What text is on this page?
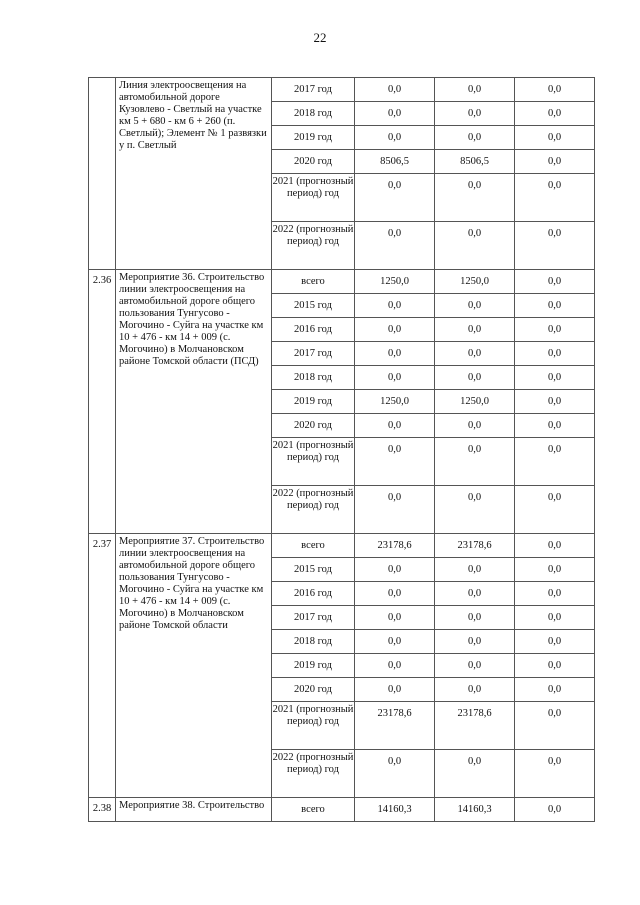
22
	Линия электроосвещения на автомобильной дороге Кузовлево - Светлый на участке км 5 + 680 - км 6 + 260 (п. Светлый); Элемент № 1 развязки у п. Светлый	2017 год	0,0	0,0	0,0
		2018 год	0,0	0,0	0,0
		2019 год	0,0	0,0	0,0
		2020 год	8506,5	8506,5	0,0
		2021 (прогнозный период) год	0,0	0,0	0,0
		2022 (прогнозный период) год	0,0	0,0	0,0
2.36	Мероприятие 36. Строительство линии электроосвещения на автомобильной дороге общего пользования Тунгусово - Могочино - Суйга на участке км 10 + 476 - км 14 + 009 (с. Могочино) в Молчановском районе Томской области (ПСД)	всего	1250,0	1250,0	0,0
		2015 год	0,0	0,0	0,0
		2016 год	0,0	0,0	0,0
		2017 год	0,0	0,0	0,0
		2018 год	0,0	0,0	0,0
		2019 год	1250,0	1250,0	0,0
		2020 год	0,0	0,0	0,0
		2021 (прогнозный период) год	0,0	0,0	0,0
		2022 (прогнозный период) год	0,0	0,0	0,0
2.37	Мероприятие 37. Строительство линии электроосвещения на автомобильной дороге общего пользования Тунгусово - Могочино - Суйга на участке км 10 + 476 - км 14 + 009 (с. Могочино) в Молчановском районе Томской области	всего	23178,6	23178,6	0,0
		2015 год	0,0	0,0	0,0
		2016 год	0,0	0,0	0,0
		2017 год	0,0	0,0	0,0
		2018 год	0,0	0,0	0,0
		2019 год	0,0	0,0	0,0
		2020 год	0,0	0,0	0,0
		2021 (прогнозный период) год	23178,6	23178,6	0,0
		2022 (прогнозный период) год	0,0	0,0	0,0
2.38	Мероприятие 38. Строительство	всего	14160,3	14160,3	0,0
